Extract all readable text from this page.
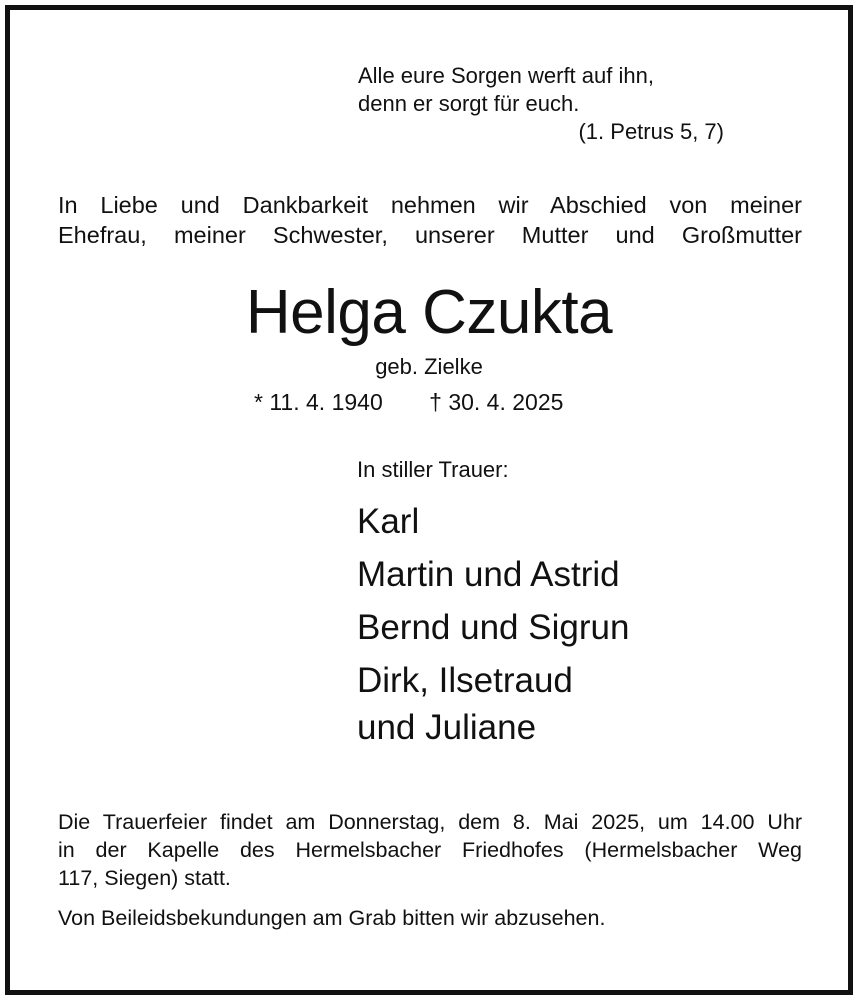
Alle eure Sorgen werft auf ihn,
denn er sorgt für euch.
(1. Petrus 5, 7)
In Liebe und Dankbarkeit nehmen wir Abschied von meiner
Ehefrau, meiner Schwester, unserer Mutter und Großmutter
Helga Czukta
geb. Zielke
* 11. 4. 1940 † 30. 4. 2025
In stiller Trauer:
Karl
Martin und Astrid
Bernd und Sigrun
Dirk, Ilsetraud
und Juliane
Die Trauerfeier findet am Donnerstag, dem 8. Mai 2025, um 14.00 Uhr
in der Kapelle des Hermelsbacher Friedhofes (Hermelsbacher Weg
117, Siegen) statt.
Von Beileidsbekundungen am Grab bitten wir abzusehen.
